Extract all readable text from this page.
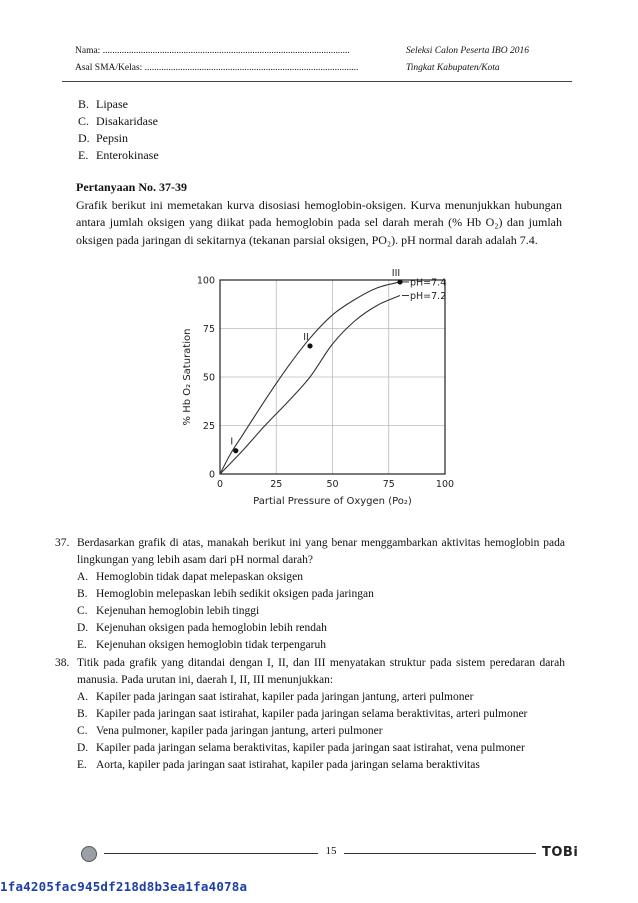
Nama: ........................................................................................................	Seleksi Calon Peserta IBO 2016
Asal SMA/Kelas: ..........................................................................................	Tingkat Kabupaten/Kota
B. Lipase
C. Disakaridase
D. Pepsin
E. Enterokinase
Pertanyaan No. 37-39

Grafik berikut ini memetakan kurva disosiasi hemoglobin-oksigen. Kurva menunjukkan hubungan antara jumlah oksigen yang diikat pada hemoglobin pada sel darah merah (% Hb O₂) dan jumlah oksigen pada jaringan di sekitarnya (tekanan parsial oksigen, PO₂). pH normal darah adalah 7.4.

0
25
50
75
100
0	25	50	75	100
pH=7.4
pH=7.2
I
II
III
% Hb O₂ Saturation
Partial Pressure of Oxygen (Po₂)
37. Berdasarkan grafik di atas, manakah berikut ini yang benar menggambarkan aktivitas hemoglobin pada lingkungan yang lebih asam dari pH normal darah?
A. Hemoglobin tidak dapat melepaskan oksigen
B. Hemoglobin melepaskan lebih sedikit oksigen pada jaringan
C. Kejenuhan hemoglobin lebih tinggi
D. Kejenuhan oksigen pada hemoglobin lebih rendah
E. Kejenuhan oksigen hemoglobin tidak terpengaruh
38. Titik pada grafik yang ditandai dengan I, II, dan III menyatakan struktur pada sistem peredaran darah manusia. Pada urutan ini, daerah I, II, III menunjukkan:
A. Kapiler pada jaringan saat istirahat, kapiler pada jaringan jantung, arteri pulmoner
B. Kapiler pada jaringan saat istirahat, kapiler pada jaringan selama beraktivitas, arteri pulmoner
C. Vena pulmoner, kapiler pada jaringan jantung, arteri pulmoner
D. Kapiler pada jaringan selama beraktivitas, kapiler pada jaringan saat istirahat, vena pulmoner
E. Aorta, kapiler pada jaringan saat istirahat, kapiler pada jaringan selama beraktivitas
15	TOBi
1fa4205fac945df218d8b3ea1fa4078a
